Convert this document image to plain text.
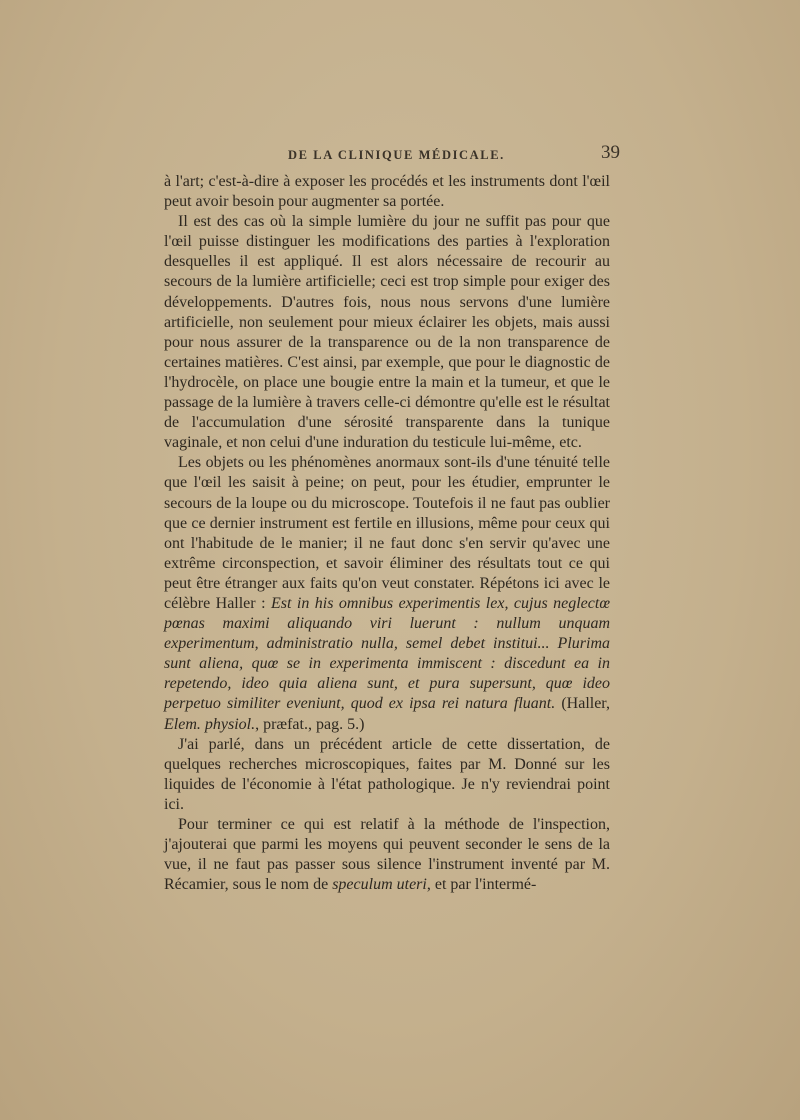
DE LA CLINIQUE MÉDICALE.	39

à l'art; c'est-à-dire à exposer les procédés et les instruments dont l'œil peut avoir besoin pour augmenter sa portée.

Il est des cas où la simple lumière du jour ne suffit pas pour que l'œil puisse distinguer les modifications des parties à l'exploration desquelles il est appliqué. Il est alors nécessaire de recourir au secours de la lumière artificielle; ceci est trop simple pour exiger des développements. D'autres fois, nous nous servons d'une lumière artificielle, non seulement pour mieux éclairer les objets, mais aussi pour nous assurer de la transparence ou de la non transparence de certaines matières. C'est ainsi, par exemple, que pour le diagnostic de l'hydrocèle, on place une bougie entre la main et la tumeur, et que le passage de la lumière à travers celle-ci démontre qu'elle est le résultat de l'accumulation d'une sérosité transparente dans la tunique vaginale, et non celui d'une induration du testicule lui-même, etc.

Les objets ou les phénomènes anormaux sont-ils d'une ténuité telle que l'œil les saisit à peine; on peut, pour les étudier, emprunter le secours de la loupe ou du microscope. Toutefois il ne faut pas oublier que ce dernier instrument est fertile en illusions, même pour ceux qui ont l'habitude de le manier; il ne faut donc s'en servir qu'avec une extrême circonspection, et savoir éliminer des résultats tout ce qui peut être étranger aux faits qu'on veut constater. Répétons ici avec le célèbre Haller : Est in his omnibus experimentis lex, cujus neglectœ pœnas maximi aliquando viri luerunt : nullum unquam experimentum, administratio nulla, semel debet institui... Plurima sunt aliena, quœ se in experimenta immiscent : discedunt ea in repetendo, ideo quia aliena sunt, et pura supersunt, quœ ideo perpetuo similiter eveniunt, quod ex ipsa rei natura fluant. (Haller, Elem. physiol., præfat., pag. 5.)

J'ai parlé, dans un précédent article de cette dissertation, de quelques recherches microscopiques, faites par M. Donné sur les liquides de l'économie à l'état pathologique. Je n'y reviendrai point ici.

Pour terminer ce qui est relatif à la méthode de l'inspection, j'ajouterai que parmi les moyens qui peuvent seconder le sens de la vue, il ne faut pas passer sous silence l'instrument inventé par M. Récamier, sous le nom de speculum uteri, et par l'intermé-
